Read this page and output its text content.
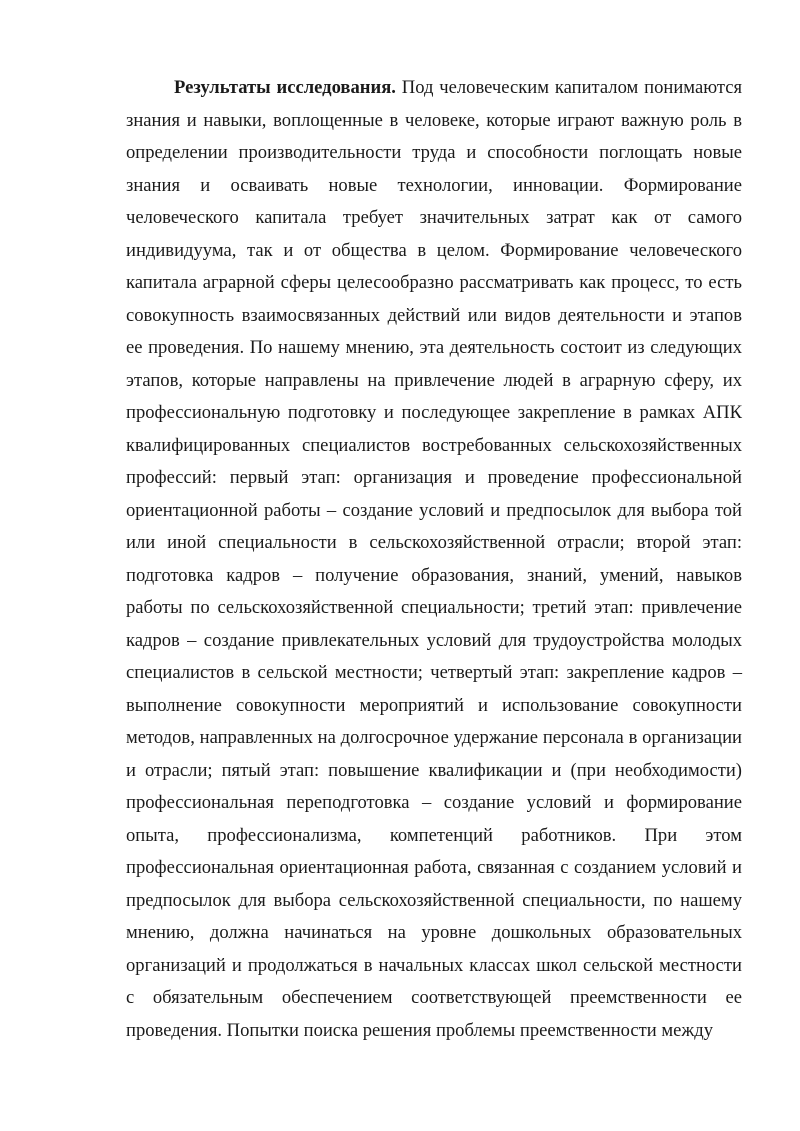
Результаты исследования. Под человеческим капиталом понимаются знания и навыки, воплощенные в человеке, которые играют важную роль в определении производительности труда и способности поглощать новые знания и осваивать новые технологии, инновации. Формирование человеческого капитала требует значительных затрат как от самого индивидуума, так и от общества в целом. Формирование человеческого капитала аграрной сферы целесообразно рассматривать как процесс, то есть совокупность взаимосвязанных действий или видов деятельности и этапов ее проведения. По нашему мнению, эта деятельность состоит из следующих этапов, которые направлены на привлечение людей в аграрную сферу, их профессиональную подготовку и последующее закрепление в рамках АПК квалифицированных специалистов востребованных сельскохозяйственных профессий: первый этап: организация и проведение профессиональной ориентационной работы – создание условий и предпосылок для выбора той или иной специальности в сельскохозяйственной отрасли; второй этап: подготовка кадров – получение образования, знаний, умений, навыков работы по сельскохозяйственной специальности; третий этап: привлечение кадров – создание привлекательных условий для трудоустройства молодых специалистов в сельской местности; четвертый этап: закрепление кадров – выполнение совокупности мероприятий и использование совокупности методов, направленных на долгосрочное удержание персонала в организации и отрасли; пятый этап: повышение квалификации и (при необходимости) профессиональная переподготовка – создание условий и формирование опыта, профессионализма, компетенций работников. При этом профессиональная ориентационная работа, связанная с созданием условий и предпосылок для выбора сельскохозяйственной специальности, по нашему мнению, должна начинаться на уровне дошкольных образовательных организаций и продолжаться в начальных классах школ сельской местности с обязательным обеспечением соответствующей преемственности ее проведения. Попытки поиска решения проблемы преемственности между
